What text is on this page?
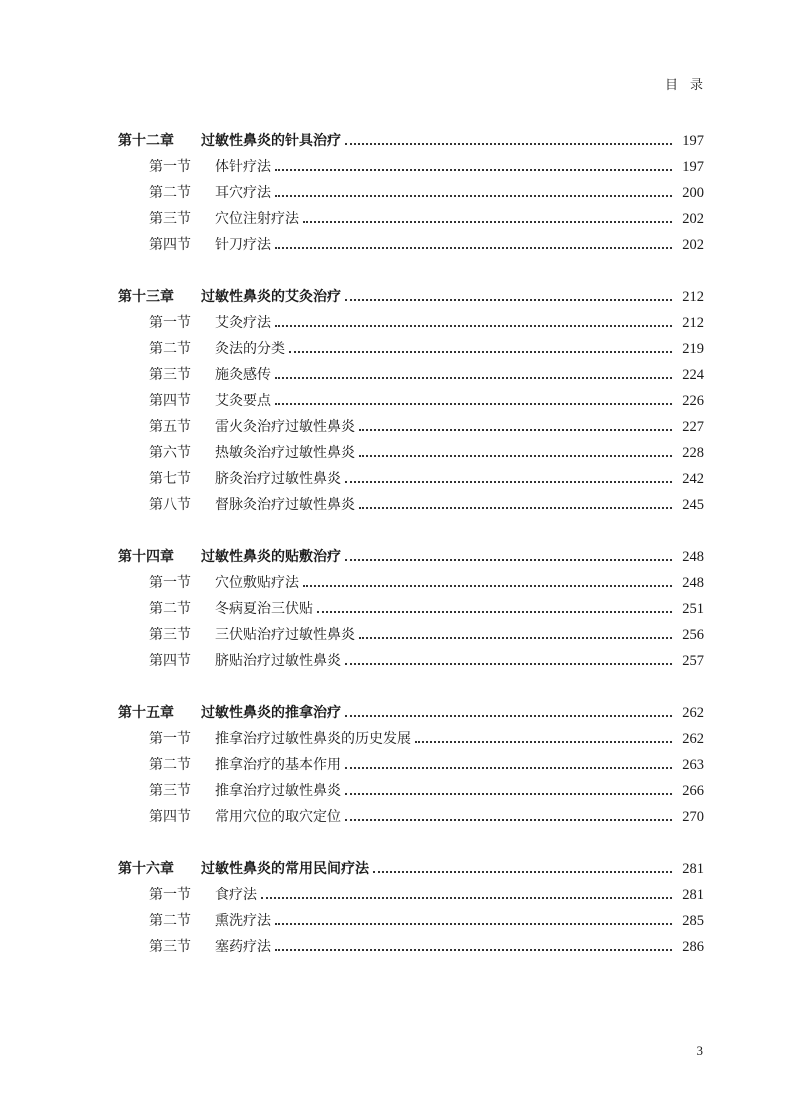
目录
第十二章	过敏性鼻炎的针具治疗	197
第一节	体针疗法	197
第二节	耳穴疗法	200
第三节	穴位注射疗法	202
第四节	针刀疗法	202
第十三章	过敏性鼻炎的艾灸治疗	212
第一节	艾灸疗法	212
第二节	灸法的分类	219
第三节	施灸感传	224
第四节	艾灸要点	226
第五节	雷火灸治疗过敏性鼻炎	227
第六节	热敏灸治疗过敏性鼻炎	228
第七节	脐灸治疗过敏性鼻炎	242
第八节	督脉灸治疗过敏性鼻炎	245
第十四章	过敏性鼻炎的贴敷治疗	248
第一节	穴位敷贴疗法	248
第二节	冬病夏治三伏贴	251
第三节	三伏贴治疗过敏性鼻炎	256
第四节	脐贴治疗过敏性鼻炎	257
第十五章	过敏性鼻炎的推拿治疗	262
第一节	推拿治疗过敏性鼻炎的历史发展	262
第二节	推拿治疗的基本作用	263
第三节	推拿治疗过敏性鼻炎	266
第四节	常用穴位的取穴定位	270
第十六章	过敏性鼻炎的常用民间疗法	281
第一节	食疗法	281
第二节	熏洗疗法	285
第三节	塞药疗法	286
3
